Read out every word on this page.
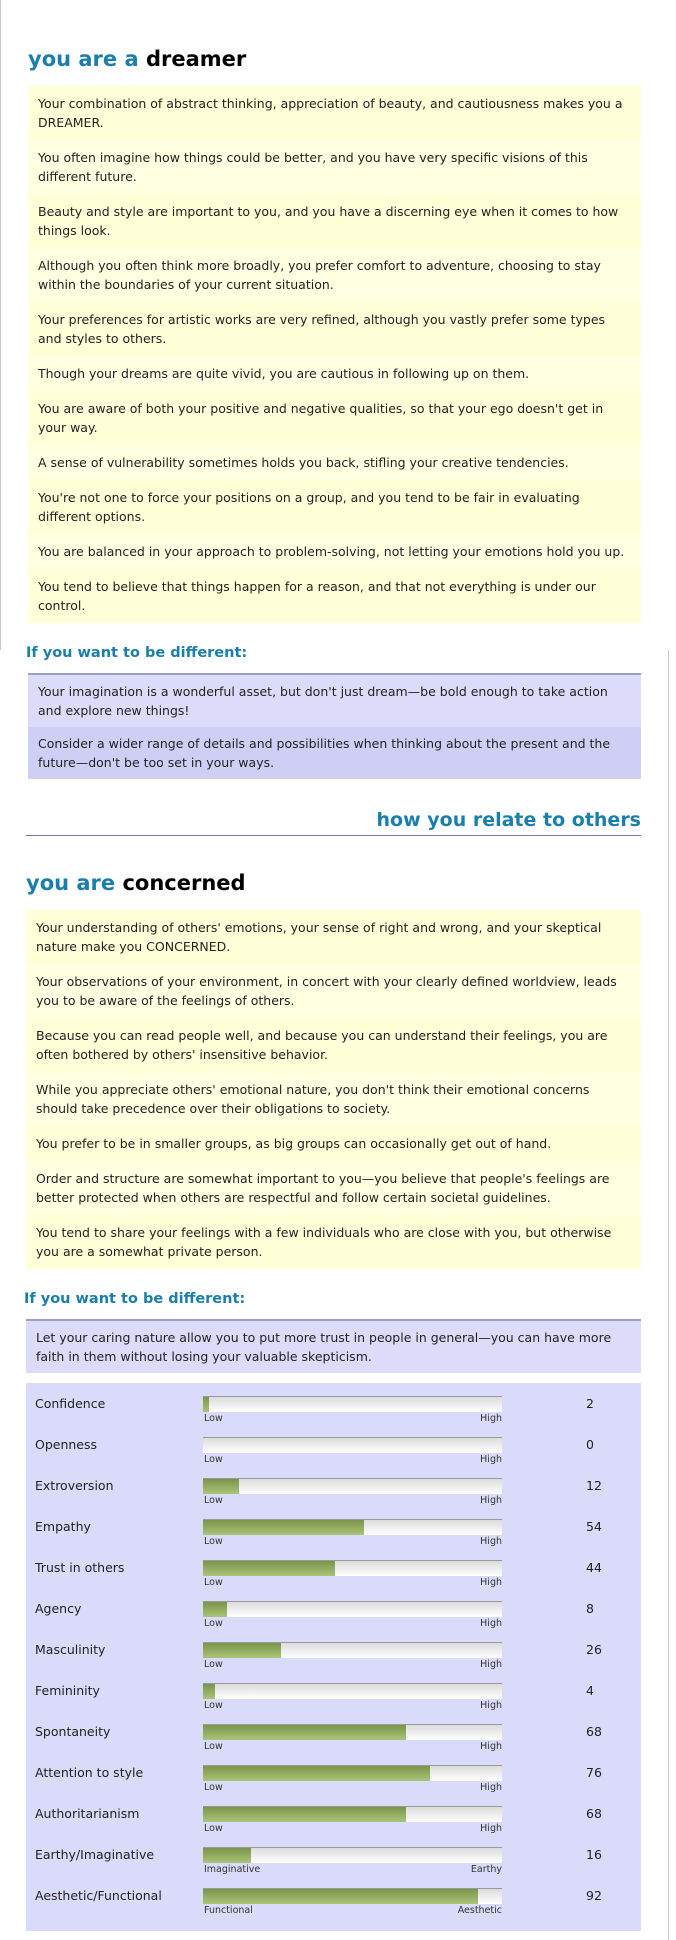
you are a dreamer

Your combination of abstract thinking, appreciation of beauty, and cautiousness makes you a DREAMER.

You often imagine how things could be better, and you have very specific visions of this different future.

Beauty and style are important to you, and you have a discerning eye when it comes to how things look.

Although you often think more broadly, you prefer comfort to adventure, choosing to stay within the boundaries of your current situation.

Your preferences for artistic works are very refined, although you vastly prefer some types and styles to others.

Though your dreams are quite vivid, you are cautious in following up on them.

You are aware of both your positive and negative qualities, so that your ego doesn't get in your way.

A sense of vulnerability sometimes holds you back, stifling your creative tendencies.

You're not one to force your positions on a group, and you tend to be fair in evaluating different options.

You are balanced in your approach to problem-solving, not letting your emotions hold you up.

You tend to believe that things happen for a reason, and that not everything is under our control.

If you want to be different:

Your imagination is a wonderful asset, but don't just dream—be bold enough to take action and explore new things!

Consider a wider range of details and possibilities when thinking about the present and the future—don't be too set in your ways.

how you relate to others
you are concerned

Your understanding of others' emotions, your sense of right and wrong, and your skeptical nature make you CONCERNED.

Your observations of your environment, in concert with your clearly defined worldview, leads you to be aware of the feelings of others.

Because you can read people well, and because you can understand their feelings, you are often bothered by others' insensitive behavior.

While you appreciate others' emotional nature, you don't think their emotional concerns should take precedence over their obligations to society.

You prefer to be in smaller groups, as big groups can occasionally get out of hand.

Order and structure are somewhat important to you—you believe that people's feelings are better protected when others are respectful and follow certain societal guidelines.

You tend to share your feelings with a few individuals who are close with you, but otherwise you are a somewhat private person.

If you want to be different:

Let your caring nature allow you to put more trust in people in general—you can have more faith in them without losing your valuable skepticism.

Confidence
Low	High
2
Openness
Low	High
0
Extroversion
Low	High
12
Empathy
Low	High
54
Trust in others
Low	High
44
Agency
Low	High
8
Masculinity
Low	High
26
Femininity
Low	High
4
Spontaneity
Low	High
68
Attention to style
Low	High
76
Authoritarianism
Low	High
68
Earthy/Imaginative
Imaginative	Earthy
16
Aesthetic/Functional
Functional	Aesthetic
92
